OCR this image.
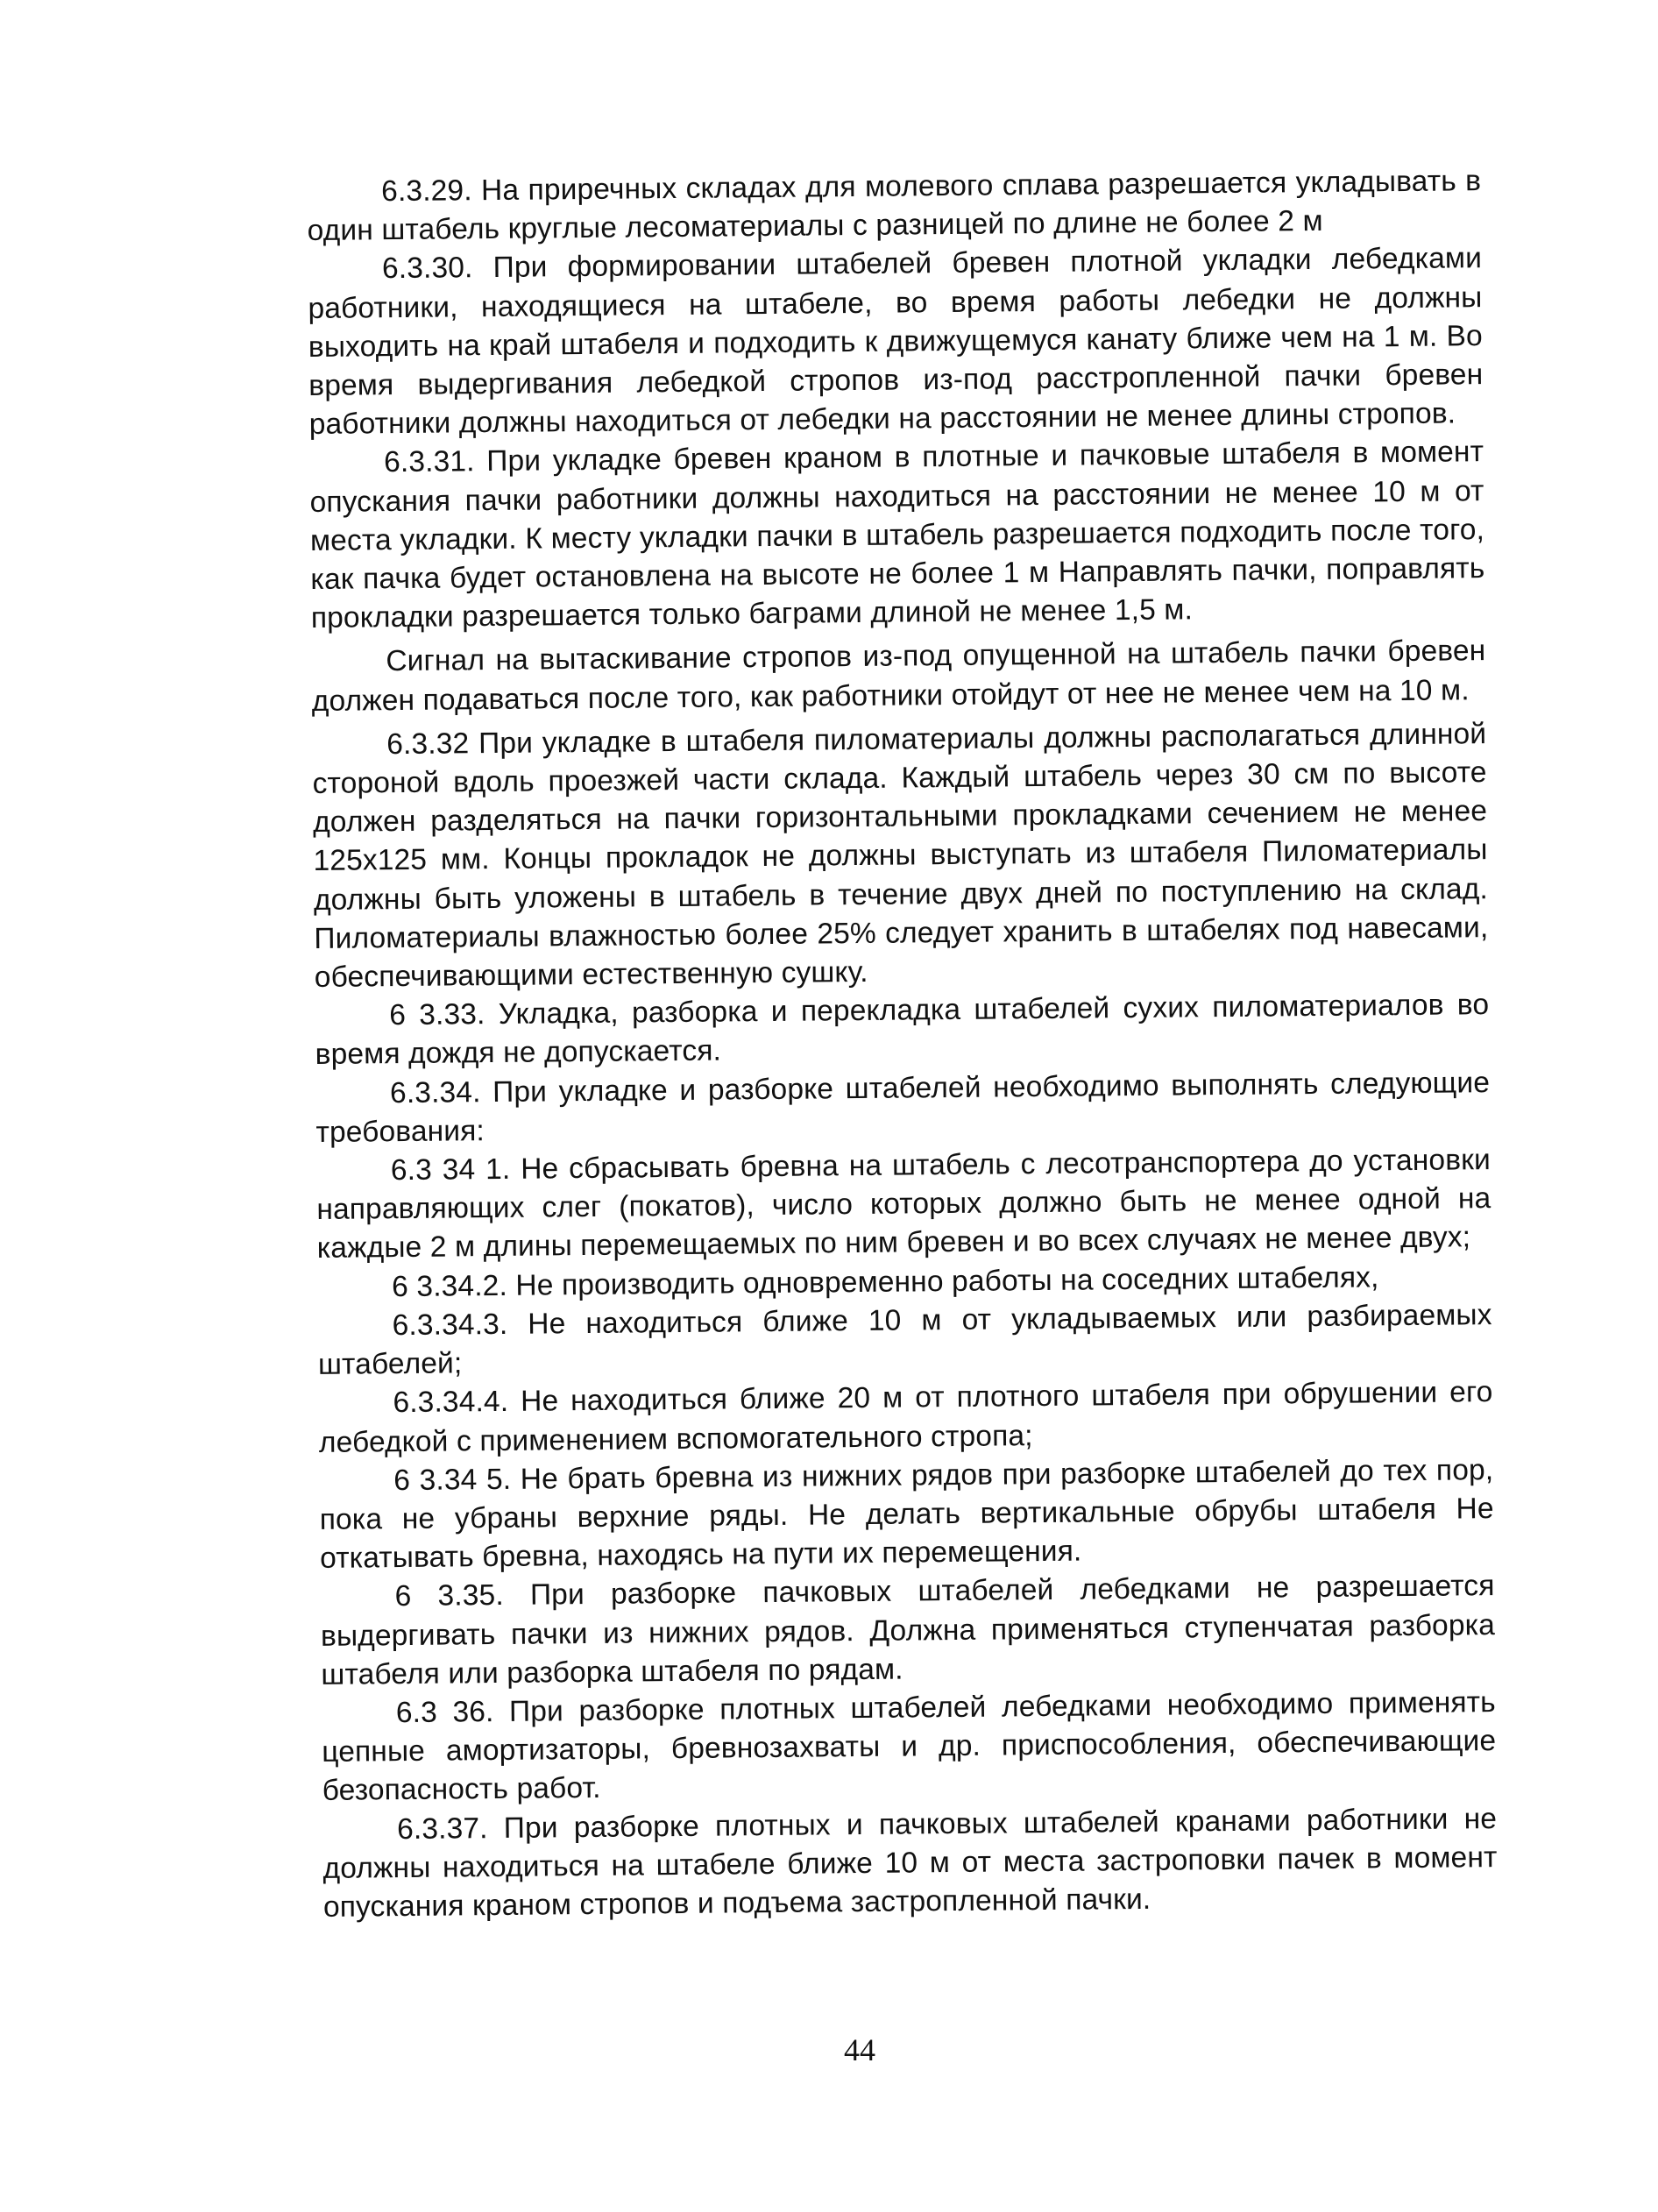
6.3.29. На приречных складах для молевого сплава разрешается укладывать в один штабель круглые лесоматериалы с разницей по длине не более 2 м

6.3.30. При формировании штабелей бревен плотной укладки лебедками работники, находящиеся на штабеле, во время работы лебедки не должны выходить на край штабеля и подходить к движущемуся канату ближе чем на 1 м. Во время выдергивания лебедкой стропов из-под расстропленной пачки бревен работники должны находиться от лебедки на расстоянии не менее длины стропов.

6.3.31. При укладке бревен краном в плотные и пачковые штабеля в момент опускания пачки работники должны находиться на расстоянии не менее 10 м от места укладки. К месту укладки пачки в штабель разрешается подходить после того, как пачка будет остановлена на высоте не более 1 м Направлять пачки, поправлять прокладки разрешается только баграми длиной не менее 1,5 м.

Сигнал на вытаскивание стропов из-под опущенной на штабель пачки бревен должен подаваться после того, как работники отойдут от нее не менее чем на 10 м.

6.3.32 При укладке в штабеля пиломатериалы должны располагаться длинной стороной вдоль проезжей части склада. Каждый штабель через 30 см по высоте должен разделяться на пачки горизонтальными прокладками сечением не менее 125х125 мм. Концы прокладок не должны выступать из штабеля Пиломатериалы должны быть уложены в штабель в течение двух дней по поступлению на склад. Пиломатериалы влажностью более 25% следует хранить в штабелях под навесами, обеспечивающими естественную сушку.

6 3.33. Укладка, разборка и перекладка штабелей сухих пиломатериалов во время дождя не допускается.

6.3.34. При укладке и разборке штабелей необходимо выполнять следующие требования:

6.3 34 1. Не сбрасывать бревна на штабель с лесотранспортера до установки направляющих слег (покатов), число которых должно быть не менее одной на каждые 2 м длины перемещаемых по ним бревен и во всех случаях не менее двух;

6 3.34.2. Не производить одновременно работы на соседних штабелях,

6.3.34.3. Не находиться ближе 10 м от укладываемых или разбираемых штабелей;

6.3.34.4. Не находиться ближе 20 м от плотного штабеля при обрушении его лебедкой с применением вспомогательного стропа;

6 3.34 5. Не брать бревна из нижних рядов при разборке штабелей до тех пор, пока не убраны верхние ряды. Не делать вертикальные обрубы штабеля Не откатывать бревна, находясь на пути их перемещения.

6 3.35. При разборке пачковых штабелей лебедками не разрешается выдергивать пачки из нижних рядов. Должна применяться ступенчатая разборка штабеля или разборка штабеля по рядам.

6.3 36. При разборке плотных штабелей лебедками необходимо применять цепные амортизаторы, бревнозахваты и др. приспособления, обеспечивающие безопасность работ.

6.3.37. При разборке плотных и пачковых штабелей кранами работники не должны находиться на штабеле ближе 10 м от места застроповки пачек в момент опускания краном стропов и подъема застропленной пачки.

44
